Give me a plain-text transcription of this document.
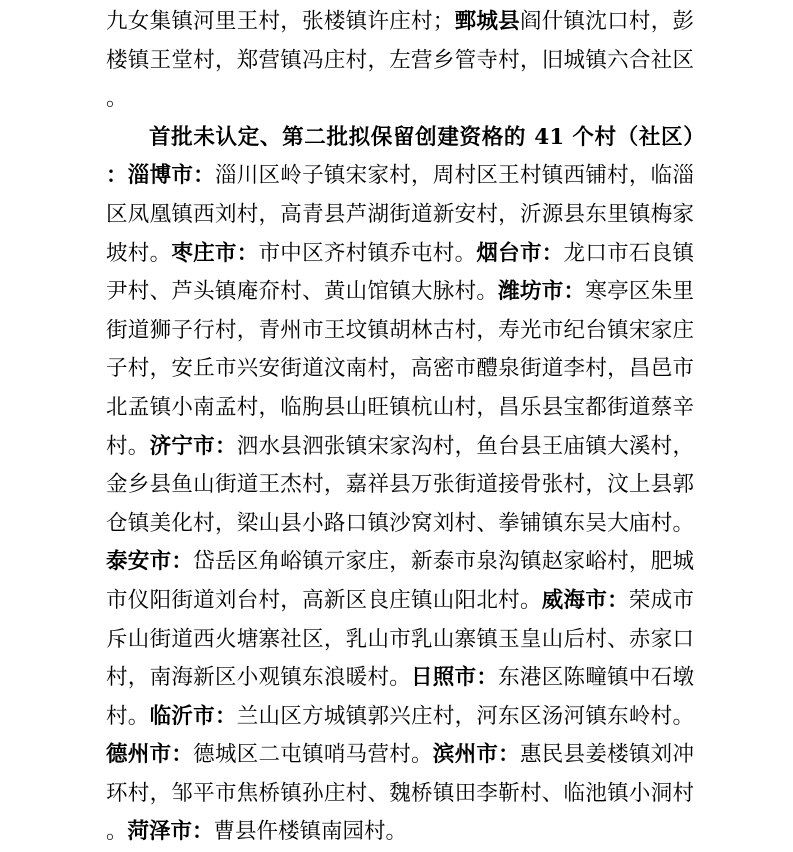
九女集镇河里王村，张楼镇许庄村；鄄城县阎什镇沈口村，彭楼镇王堂村，郑营镇冯庄村，左营乡管寺村，旧城镇六合社区。

首批未认定、第二批拟保留创建资格的 41 个村（社区）：淄博市：淄川区岭子镇宋家村，周村区王村镇西铺村，临淄区凤凰镇西刘村，高青县芦湖街道新安村，沂源县东里镇梅家坡村。枣庄市：市中区齐村镇乔屯村。烟台市：龙口市石良镇尹村、芦头镇庵夼村、黄山馆镇大脉村。潍坊市：寒亭区朱里街道狮子行村，青州市王坟镇胡林古村，寿光市纪台镇宋家庄子村，安丘市兴安街道汶南村，高密市醴泉街道李村，昌邑市北孟镇小南孟村，临朐县山旺镇杭山村，昌乐县宝都街道蔡辛村。济宁市：泗水县泗张镇宋家沟村，鱼台县王庙镇大溪村，金乡县鱼山街道王杰村，嘉祥县万张街道接骨张村，汶上县郭仓镇美化村，梁山县小路口镇沙窝刘村、拳铺镇东吴大庙村。泰安市：岱岳区角峪镇亓家庄，新泰市泉沟镇赵家峪村，肥城市仪阳街道刘台村，高新区良庄镇山阳北村。威海市：荣成市斥山街道西火塘寨社区，乳山市乳山寨镇玉皇山后村、赤家口村，南海新区小观镇东浪暖村。日照市：东港区陈疃镇中石墩村。临沂市：兰山区方城镇郭兴庄村，河东区汤河镇东岭村。德州市：德城区二屯镇哨马营村。滨州市：惠民县姜楼镇刘冲环村，邹平市焦桥镇孙庄村、魏桥镇田李靳村、临池镇小洞村。菏泽市：曹县仵楼镇南园村。
